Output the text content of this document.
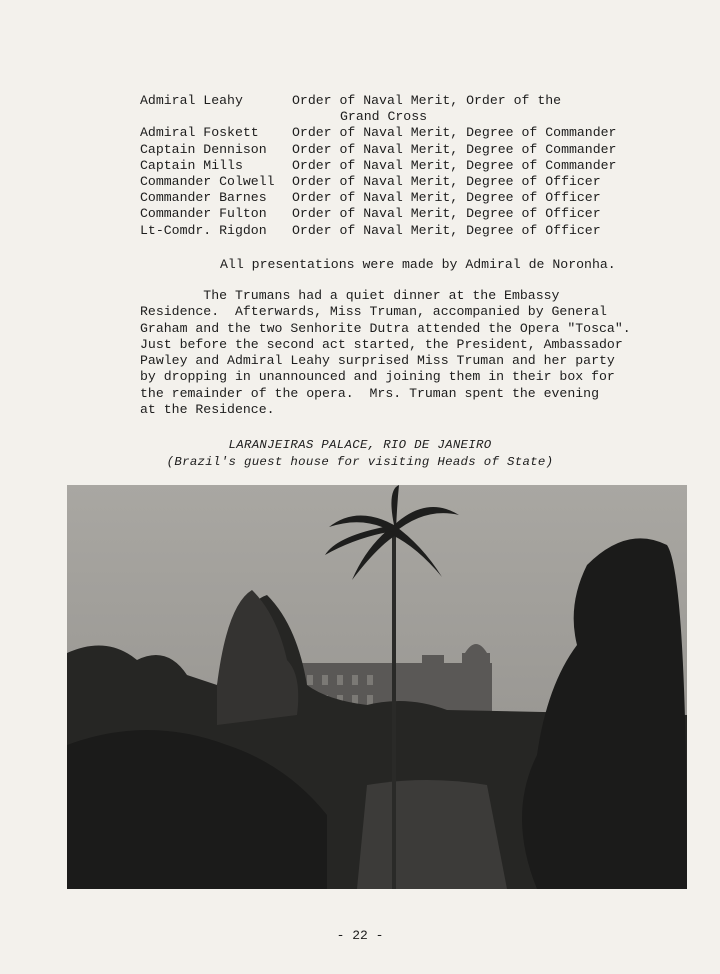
Admiral Leahy	Order of Naval Merit, Order of the
Grand Cross
Admiral Foskett	Order of Naval Merit, Degree of Commander
Captain Dennison	Order of Naval Merit, Degree of Commander
Captain Mills	Order of Naval Merit, Degree of Commander
Commander Colwell	Order of Naval Merit, Degree of Officer
Commander Barnes	Order of Naval Merit, Degree of Officer
Commander Fulton	Order of Naval Merit, Degree of Officer
Lt-Comdr. Rigdon	Order of Naval Merit, Degree of Officer
All presentations were made by Admiral de Noronha.
The Trumans had a quiet dinner at the Embassy
Residence.  Afterwards, Miss Truman, accompanied by General
Graham and the two Senhorite Dutra attended the Opera "Tosca".
Just before the second act started, the President, Ambassador
Pawley and Admiral Leahy surprised Miss Truman and her party
by dropping in unannounced and joining them in their box for
the remainder of the opera.  Mrs. Truman spent the evening
at the Residence.
LARANJEIRAS PALACE, RIO DE JANEIRO
(Brazil's guest house for visiting Heads of State)
- 22 -
